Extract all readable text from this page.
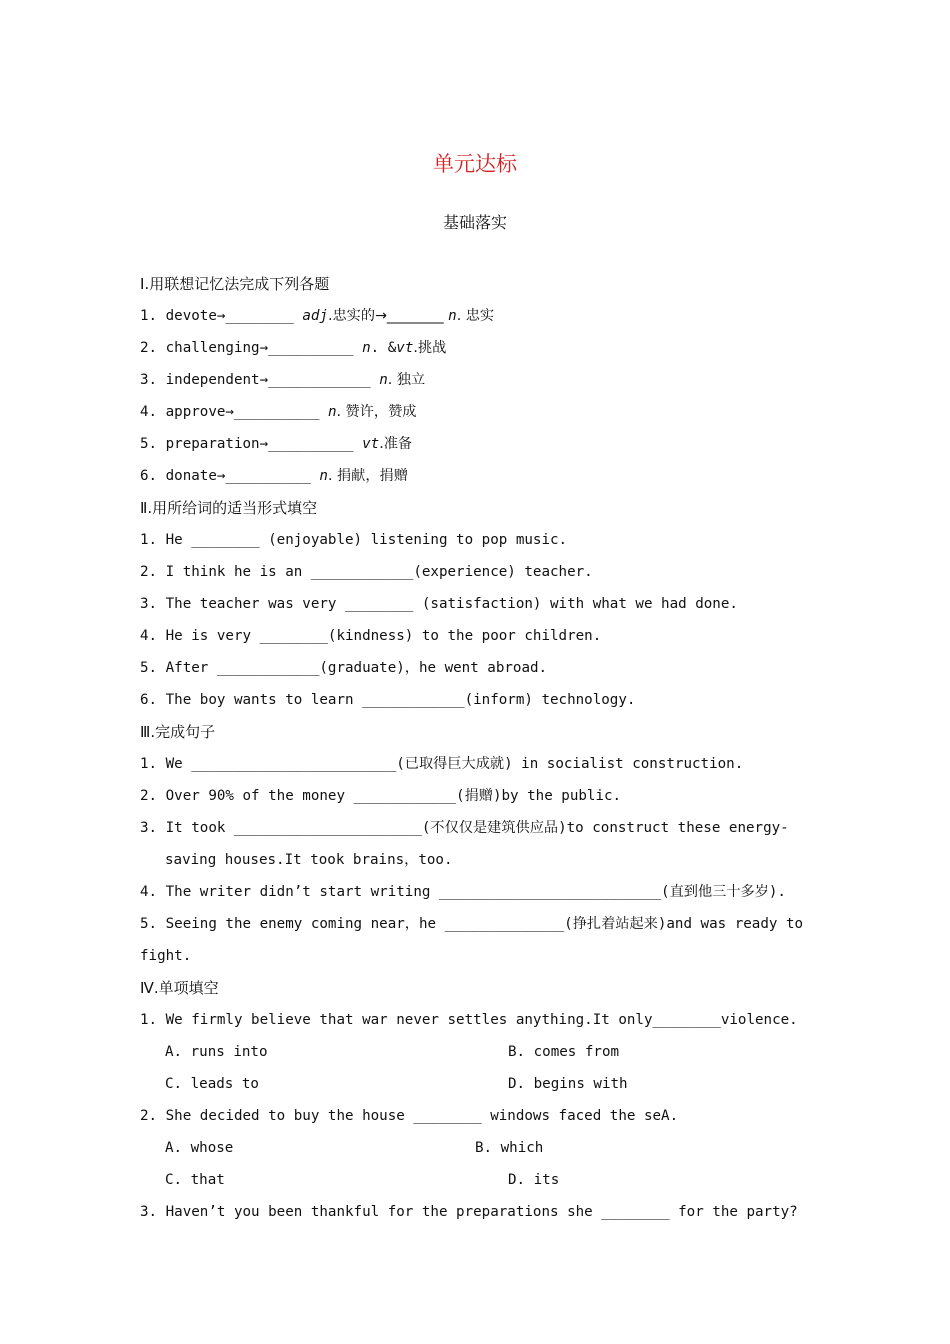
单元达标
基础落实
Ⅰ.用联想记忆法完成下列各题
1. devote→________ adj.忠实的→________ n. 忠实
2. challenging→__________ n. &vt.挑战
3. independent→____________ n. 独立
4. approve→__________ n. 赞许，赞成
5. preparation→__________ vt.准备
6. donate→__________ n. 捐献，捐赠
Ⅱ.用所给词的适当形式填空
1. He ________ (enjoyable) listening to pop music.
2. I think he is an ____________(experience) teacher.
3. The teacher was very ________ (satisfaction) with what we had done.
4. He is very ________(kindness) to the poor children.
5. After ____________(graduate)，he went abroad.
6. The boy wants to learn ____________(inform) technology.
Ⅲ.完成句子
1. We ________________________(已取得巨大成就) in socialist construction.
2. Over 90% of the money ____________(捐赠)by the public.
3. It took ______________________(不仅仅是建筑供应品)to construct these energy-
saving houses.It took brains，too.
4. The writer didn’t start writing __________________________(直到他三十多岁).
5. Seeing the enemy coming near，he ______________(挣扎着站起来)and was ready to
fight.
Ⅳ.单项填空
1. We firmly believe that war never settles anything.It only________violence.
A. runs into	B. comes from
C. leads to	D. begins with
2. She decided to buy the house ________ windows faced the seA.
A. whose	B. which
C. that	D. its
3. Haven’t you been thankful for the preparations she ________ for the party?
